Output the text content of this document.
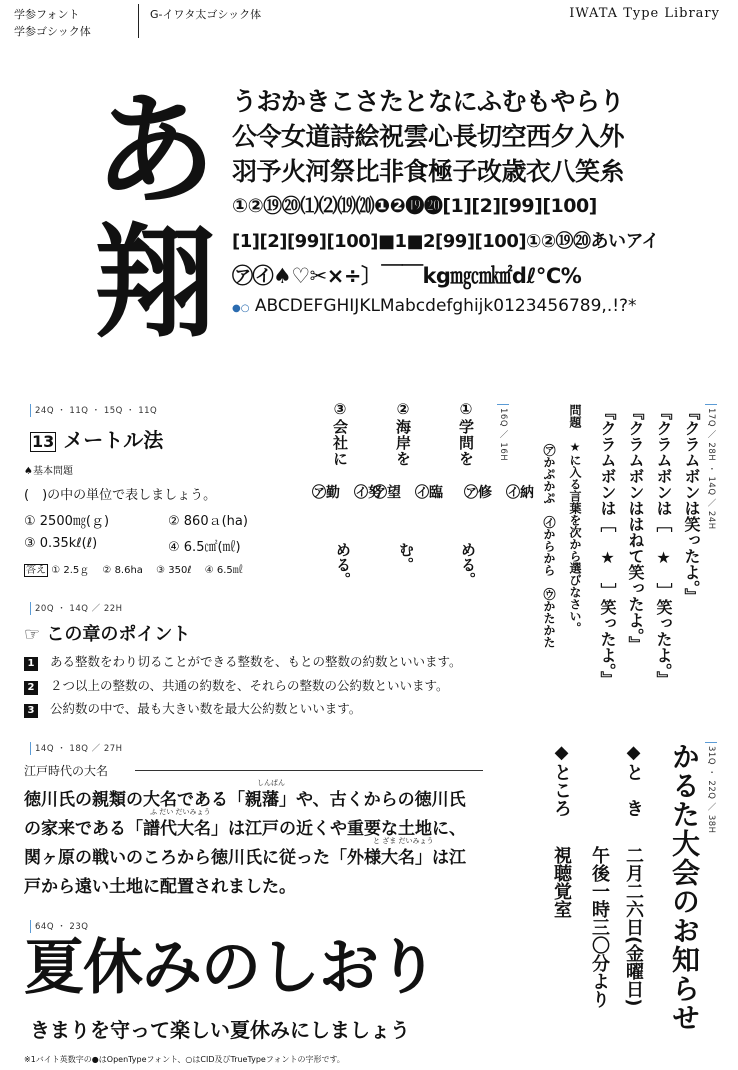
学参フォント
学参ゴシック体
G-イワタ太ゴシック体	IWATA Type Library
あ
翔
うおかきこさたとなにふむもやらり
公令女道詩絵祝雲心長切空西夕入外
羽予火河祭比非食極子改歳衣八笑糸
①②⑲⑳⑴⑵⒆⒇❶❷⓳⓴[1][2][99][100]
[1][2][99][100]■1■2[99][100]①②⑲⑳あいアイ
㋐㋑♠♡✂×÷〕￣￣kg㎎㎝㎢dℓ℃%
●○ ABCDEFGHIJKLMabcdefghijk0123456789,.!?*
24Q ・ 11Q ・ 15Q ・ 11Q
13 メートル法
♠基本問題
(　)の中の単位で表しましょう。
① 2500㎎(ｇ)	② 860ａ(ha)
③ 0.35kℓ(ℓ)	④ 6.5㎠(㎖)
答え ① 2.5ｇ ② 8.6ha ③ 350ℓ ④ 6.5㎖
16Q ／ 16H
①学問を

㋐修　㋑納
める。
②海岸を
㋐望　㋑臨
む。
③会社に
㋐勤　㋑努
める。
17Q ／ 28H ・ 14Q ／ 24H
『クラムボンは笑ったよ。』
『クラムボンは［　★　］笑ったよ。』
『クラムボンははねて笑ったよ。』
『クラムボンは［　★　］笑ったよ。』
問題　★に入る言葉を次から選びなさい。
㋐かぷかぷ　㋑からから　㋒かたかた
20Q ・ 14Q ／ 22H
☞ この章のポイント
1 ある整数をわり切ることができる整数を、もとの整数の約数といいます。
2 ２つ以上の整数の、共通の約数を、それらの整数の公約数といいます。
3 公約数の中で、最も大きい数を最大公約数といいます。
14Q ・ 18Q ／ 27H
江戸時代の大名
しんぱん
徳川氏の親類の大名である「親藩」や、古くからの徳川氏
ふ だい だいみょう
の家来である「譜代大名」は江戸の近くや重要な土地に、
と ざま だいみょう
関ヶ原の戦いのころから徳川氏に従った「外様大名」は江
戸から遠い土地に配置されました。
31Q ・ 22Q ／ 38H
かるた大会のお知らせ
◆と　き
二月二六日(金曜日)
午後一時三〇分より
◆ところ
視聴覚室
64Q ・ 23Q
夏休みのしおり
きまりを守って楽しい夏休みにしましょう
※1バイト英数字の●はOpenTypeフォント、○はCID及びTrueTypeフォントの字形です。
